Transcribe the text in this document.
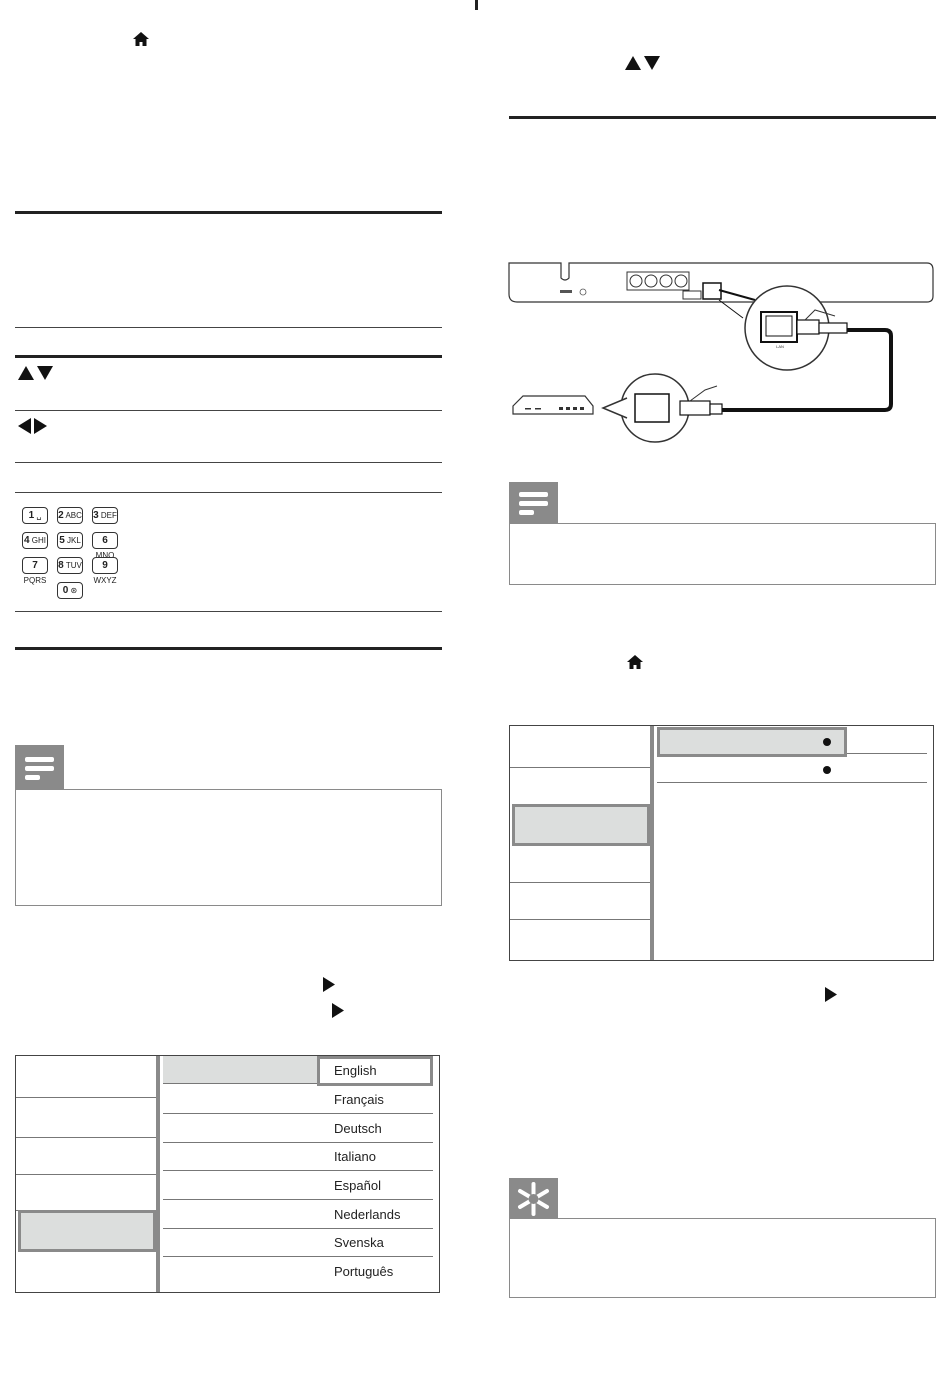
1 ␣	2 ABC 3 DEF
4 GHI 5 JKL	6 MNO
7 PQRS
8 TUV	9 WXYZ
0 ⊛
English
Français
Deutsch
Italiano
Español
Nederlands
Svenska
Português
LAN
